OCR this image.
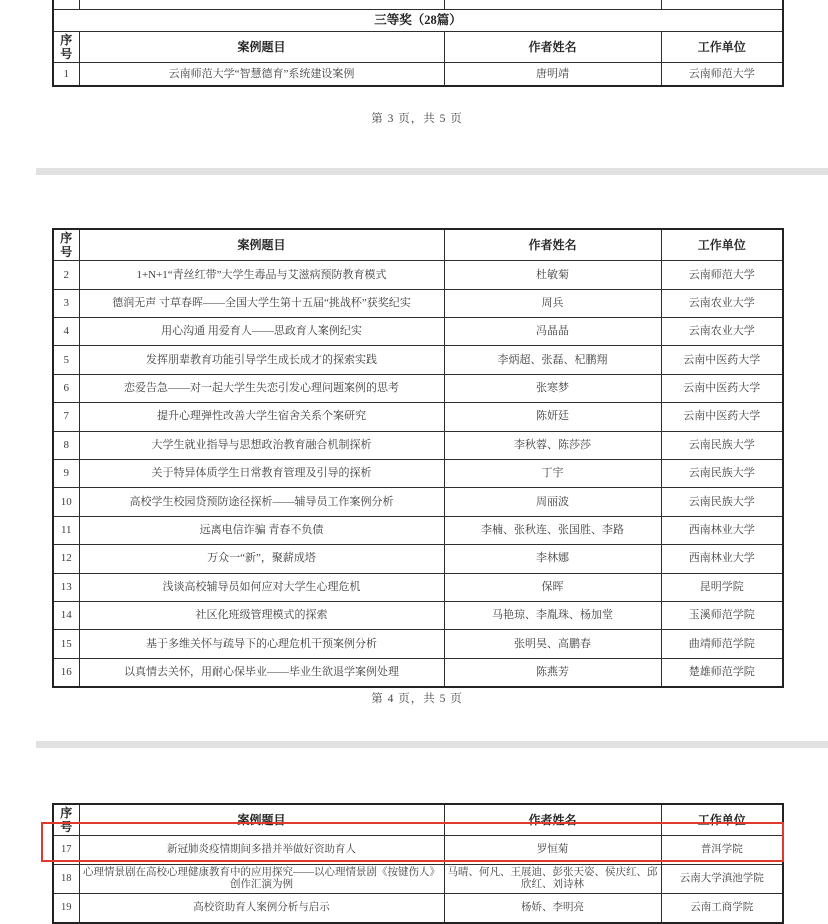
三等奖（28篇）			
序号	案例题目	作者姓名	工作单位
1	云南师范大学“智慧德育”系统建设案例	唐明靖	云南师范大学
第 3 页，共 5 页
序号	案例题目	作者姓名	工作单位
2	1+N+1“青丝红带”大学生毒品与艾滋病预防教育模式	杜敏菊	云南师范大学
3	德润无声 寸草春晖——全国大学生第十五届“挑战杯”获奖纪实	周兵	云南农业大学
4	用心沟通 用爱育人——思政育人案例纪实	冯晶晶	云南农业大学
5	发挥朋辈教育功能引导学生成长成才的探索实践	李炳超、张磊、杞鹏翔	云南中医药大学
6	恋爱告急——对一起大学生失恋引发心理问题案例的思考	张寒梦	云南中医药大学
7	提升心理弹性改善大学生宿舍关系个案研究	陈妍廷	云南中医药大学
8	大学生就业指导与思想政治教育融合机制探析	李秋蓉、陈莎莎	云南民族大学
9	关于特异体质学生日常教育管理及引导的探析	丁宇	云南民族大学
10	高校学生校园贷预防途径探析——辅导员工作案例分析	周丽波	云南民族大学
11	远离电信诈骗 青春不负债	李楠、张秋连、张国胜、李路	西南林业大学
12	万众一“新”，聚薪成塔	李林娜	西南林业大学
13	浅谈高校辅导员如何应对大学生心理危机	保晖	昆明学院
14	社区化班级管理模式的探索	马艳琼、李胤珠、杨加堂	玉溪师范学院
15	基于多维关怀与疏导下的心理危机干预案例分析	张明昊、高鹏春	曲靖师范学院
16	以真情去关怀，用耐心保毕业——毕业生欲退学案例处理	陈燕芳	楚雄师范学院
第 4 页，共 5 页
序号	案例题目	作者姓名	工作单位
17	新冠肺炎疫情期间多措并举做好资助育人	罗恒菊	普洱学院
18	心理情景剧在高校心理健康教育中的应用探究——以心理情景剧《按键伤人》创作汇演为例	马晴、何凡、王展迪、彭张天姿、侯庆红、邱欣红、刘诗林	云南大学滇池学院
19	高校资助育人案例分析与启示	杨娇、李明亮	云南工商学院
